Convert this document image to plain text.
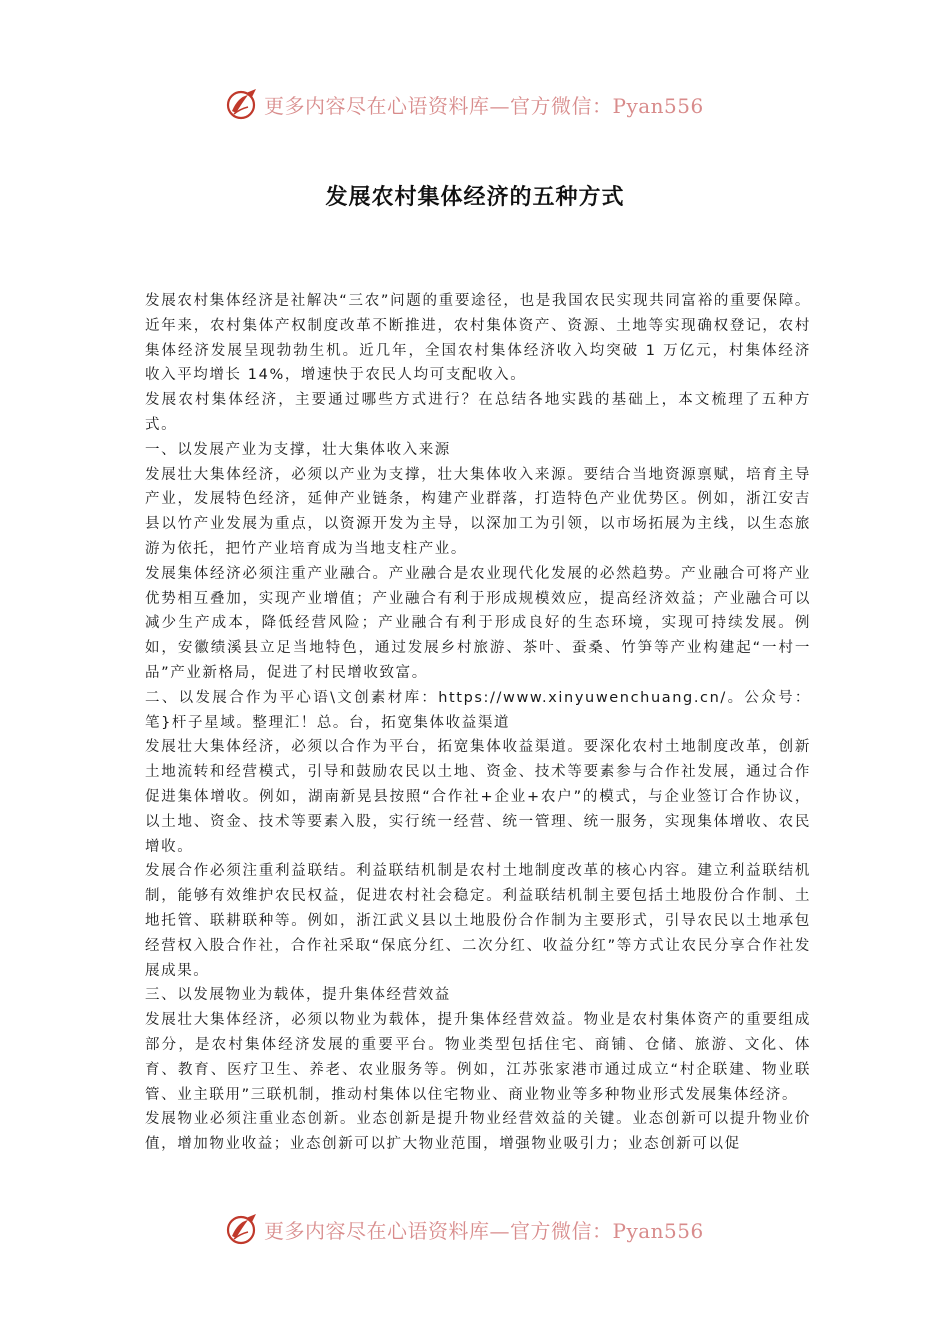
更多内容尽在心语资料库—官方微信：Pyan556
发展农村集体经济的五种方式

发展农村集体经济是社解决“三农”问题的重要途径，也是我国农民实现共同富裕的重要保障。近年来，农村集体产权制度改革不断推进，农村集体资产、资源、土地等实现确权登记，农村集体经济发展呈现勃勃生机。近几年，全国农村集体经济收入均突破 1 万亿元，村集体经济收入平均增长 14%，增速快于农民人均可支配收入。

发展农村集体经济，主要通过哪些方式进行？在总结各地实践的基础上，本文梳理了五种方式。

一、以发展产业为支撑，壮大集体收入来源

发展壮大集体经济，必须以产业为支撑，壮大集体收入来源。要结合当地资源禀赋，培育主导产业，发展特色经济，延伸产业链条，构建产业群落，打造特色产业优势区。例如，浙江安吉县以竹产业发展为重点，以资源开发为主导，以深加工为引领，以市场拓展为主线，以生态旅游为依托，把竹产业培育成为当地支柱产业。

发展集体经济必须注重产业融合。产业融合是农业现代化发展的必然趋势。产业融合可将产业优势相互叠加，实现产业增值；产业融合有利于形成规模效应，提高经济效益；产业融合可以减少生产成本，降低经营风险；产业融合有利于形成良好的生态环境，实现可持续发展。例如，安徽绩溪县立足当地特色，通过发展乡村旅游、茶叶、蚕桑、竹笋等产业构建起“一村一品”产业新格局，促进了村民增收致富。

二、以发展合作为平心语\文创素材库：https://www.xinyuwenchuang.cn/。公众号：笔}杆子星域。整理汇！总。台，拓宽集体收益渠道

发展壮大集体经济，必须以合作为平台，拓宽集体收益渠道。要深化农村土地制度改革，创新土地流转和经营模式，引导和鼓励农民以土地、资金、技术等要素参与合作社发展，通过合作促进集体增收。例如，湖南新晃县按照“合作社+企业+农户”的模式，与企业签订合作协议，以土地、资金、技术等要素入股，实行统一经营、统一管理、统一服务，实现集体增收、农民增收。

发展合作必须注重利益联结。利益联结机制是农村土地制度改革的核心内容。建立利益联结机制，能够有效维护农民权益，促进农村社会稳定。利益联结机制主要包括土地股份合作制、土地托管、联耕联种等。例如，浙江武义县以土地股份合作制为主要形式，引导农民以土地承包经营权入股合作社，合作社采取“保底分红、二次分红、收益分红”等方式让农民分享合作社发展成果。

三、以发展物业为载体，提升集体经营效益

发展壮大集体经济，必须以物业为载体，提升集体经营效益。物业是农村集体资产的重要组成部分，是农村集体经济发展的重要平台。物业类型包括住宅、商铺、仓储、旅游、文化、体育、教育、医疗卫生、养老、农业服务等。例如，江苏张家港市通过成立“村企联建、物业联管、业主联用”三联机制，推动村集体以住宅物业、商业物业等多种物业形式发展集体经济。

发展物业必须注重业态创新。业态创新是提升物业经营效益的关键。业态创新可以提升物业价值，增加物业收益；业态创新可以扩大物业范围，增强物业吸引力；业态创新可以促

更多内容尽在心语资料库—官方微信：Pyan556
